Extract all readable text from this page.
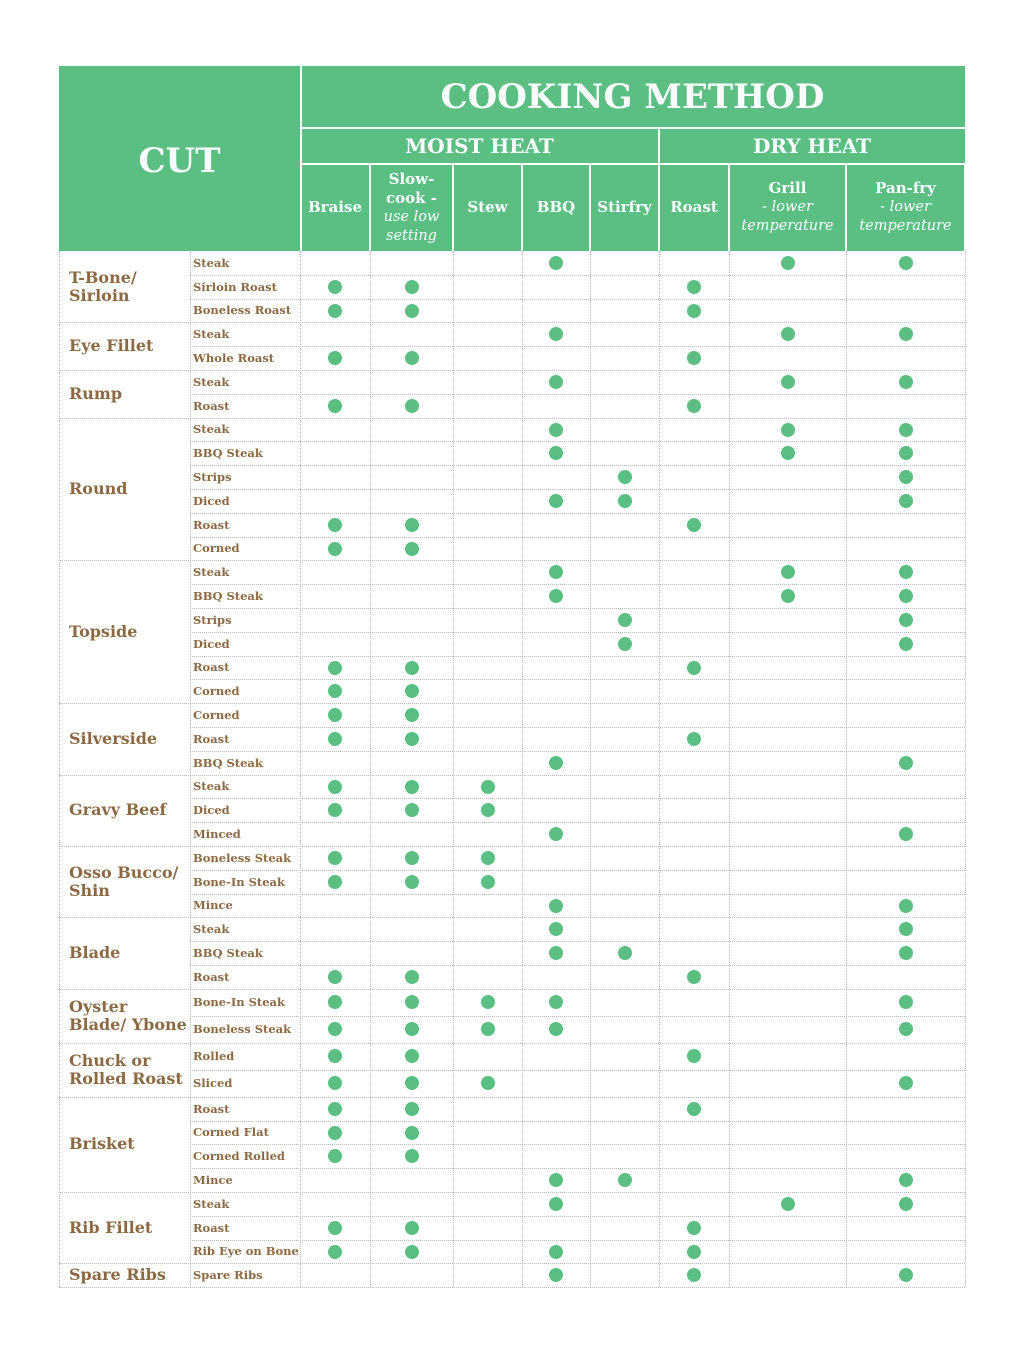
CUT
COOKING METHOD
MOIST HEAT	DRY HEAT
Braise
Slow-cook -
use low setting
Stew BBQ Stirfry Roast
Grill
- lower temperature
Pan-fry
- lower temperature
Steak
Sirloin Roast
Boneless Roast
T-Bone/ Sirloin
Steak
Whole Roast
Eye Fillet
Steak
Roast
Rump
Steak
BBQ Steak
Strips
Diced
Roast
Corned
Round
Steak
BBQ Steak
Strips
Diced
Roast
Corned
Topside
Corned
Roast
BBQ Steak
Silverside
Steak
Diced
Minced
Gravy Beef
Boneless Steak
Bone-In Steak
Mince
Osso Bucco/ Shin
Steak
BBQ Steak
Roast
Blade
Bone-In Steak
Boneless Steak
Oyster Blade/ Ybone
Rolled
Sliced
Chuck or Rolled Roast
Roast
Corned Flat
Corned Rolled
Mince
Brisket
Steak
Roast
Rib Eye on Bone
Rib Fillet
Spare Ribs
Spare Ribs
